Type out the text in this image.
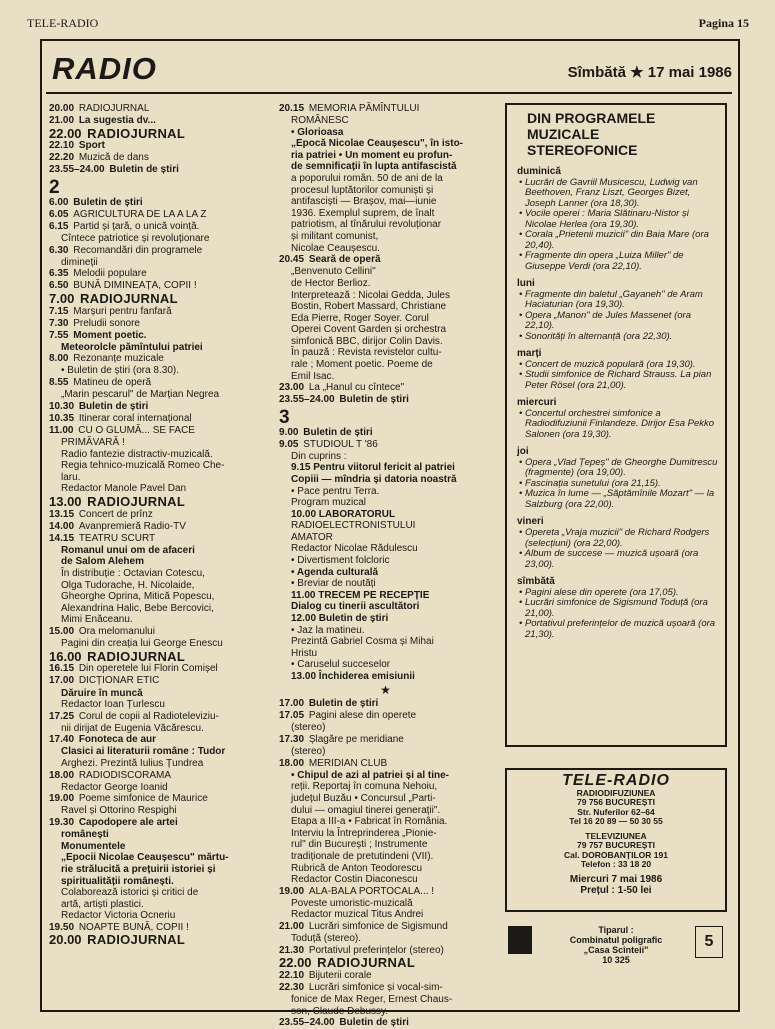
TELE-RADIO	Pagina 15
RADIO	Sîmbătă ★ 17 mai 1986
20.00 RADIOJURNAL
21.00 La sugestia dv...
22.00 RADIOJURNAL
22.10 Sport
22.20 Muzică de dans
23.55–24.00 Buletin de știri
2
6.00 Buletin de știri
6.05 AGRICULTURA DE LA A LA Z
6.15 Partid și țară, o unică voință.
Cîntece patriotice și revoluționare
6.30 Recomandări din programele
dimineții
6.35 Melodii populare
6.50 BUNĂ DIMINEAȚA, COPII !
7.00 RADIOJURNAL
7.15 Marșuri pentru fanfară
7.30 Preludii sonore
7.55 Moment poetic.
Meteorolcle pămîntului patriei
8.00 Rezonanțe muzicale
• Buletin de știri (ora 8.30).
8.55 Matineu de operă
„Marin pescarul" de Marțian Negrea
10.30 Buletin de știri
10.35 Itinerar coral internațional
11.00 CU O GLUMĂ... SE FACE
PRIMĂVARĂ !
Radio fantezie distractiv-muzicală.
Regia tehnico-muzicală Romeo Che-
laru.
Redactor Manole Pavel Dan
13.00 RADIOJURNAL
13.15 Concert de prînz
14.00 Avanpremieră Radio-TV
14.15 TEATRU SCURT
Romanul unui om de afaceri
de Salom Alehem
În distribuție : Octavian Cotescu,
Olga Tudorache, H. Nicolaide,
Gheorghe Oprina, Mitică Popescu,
Alexandrina Halic, Bebe Bercovici,
Mimi Enăceanu.
15.00 Ora melomanului
Pagini din creația lui George Enescu
16.00 RADIOJURNAL
16.15 Din operetele lui Florin Comișel
17.00 DICȚIONAR ETIC
Dăruire în muncă
Redactor Ioan Țurlescu
17.25 Corul de copii al Radioteleviziu-
nii dirijat de Eugenia Văcărescu.
17.40 Fonoteca de aur
Clasici ai literaturii române : Tudor
Arghezi. Prezintă Iulius Țundrea
18.00 RADIODISCORAMA
Redactor George Ioanid
19.00 Poeme simfonice de Maurice
Ravel și Ottorino Respighi
19.30 Capodopere ale artei
românești
Monumentele
„Epocii Nicolae Ceaușescu" mărtu-
rie strălucită a prețuirii istoriei și
spiritualității românești.
Colaborează istorici și critici de
artă, artiști plastici.
Redactor Victoria Ocneriu
19.50 NOAPTE BUNĂ, COPII !
20.00 RADIOJURNAL
20.15 MEMORIA PĂMÎNTULUI
ROMÂNESC
• Glorioasa
„Epocă Nicolae Ceaușescu", în isto-
ria patriei • Un moment eu profun-
de semnificații în lupta antifascistă
a poporului român. 50 de ani de la
procesul luptătorilor comuniști și
antifasciști — Brașov, mai—iunie
1936. Exemplul suprem, de înalt
patriotism, al tînărului revoluționar
și militant comunist,
Nicolae Ceaușescu.
20.45 Seară de operă
„Benvenuto Cellini"
de Hector Berlioz.
Interpretează : Nicolai Gedda, Jules
Bostin, Robert Massard, Christiane
Eda Pierre, Roger Soyer. Corul
Operei Covent Garden și orchestra
simfonică BBC, dirijor Colin Davis.
În pauză : Revista revistelor cultu-
rale ; Moment poetic. Poeme de
Emil Isac.
23.00 La „Hanul cu cîntece"
23.55–24.00 Buletin de știri
3
9.00 Buletin de știri
9.05 STUDIOUL T '86
Din cuprins :
9.15 Pentru viitorul fericit al patriei
Copiii — mîndria și datoria noastră
• Pace pentru Terra.
Program muzical
10.00 LABORATORUL
RADIOELECTRONISTULUI
AMATOR
Redactor Nicolae Rădulescu
• Divertisment folcloric
• Agenda culturală
• Breviar de noutăți
11.00 TRECEM PE RECEPȚIE
Dialog cu tinerii ascultători
12.00 Buletin de știri
• Jaz la matineu.
Prezintă Gabriel Cosma și Mihai
Hristu
• Caruselul succeselor
13.00 Închiderea emisiunii
★
17.00 Buletin de știri
17.05 Pagini alese din operete
(stereo)
17.30 Șlagăre pe meridiane
(stereo)
18.00 MERIDIAN CLUB
• Chipul de azi al patriei și al tine-
reții. Reportaj în comuna Nehoiu,
județul Buzău • Concursul „Parti-
dului — omagiul tinerei generații".
Etapa a III-a • Fabricat în România.
Interviu la Întreprinderea „Pionie-
rul" din București ; Instrumente
tradiționale de pretutindeni (VII).
Rubrică de Anton Teodorescu
Redactor Costin Diaconescu
19.00 ALA-BALA PORTOCALA... !
Poveste umoristic-muzicală
Redactor muzical Titus Andrei
21.00 Lucrări simfonice de Sigismund
Toduță (stereo).
21.30 Portativul preferințelor (stereo)
22.00 RADIOJURNAL
22.10 Bijuterii corale
22.30 Lucrări simfonice și vocal-sim-
fonice de Max Reger, Ernest Chaus-
son, Claude Debussy.
23.55–24.00 Buletin de știri
DIN PROGRAMELE
MUZICALE
STEREOFONICE
duminică
• Lucrări de Gavriil Musicescu, Ludwig van Beethoven, Franz Liszt, Georges Bizet, Joseph Lanner (ora 18,30).
• Vocile operei : Maria Slătinaru-Nistor și Nicolae Herlea (ora 19,30).
• Corala „Prietenii muzicii" din Baia Mare (ora 20,40).
• Fragmente din opera „Luiza Miller" de Giuseppe Verdi (ora 22,10).
luni
• Fragmente din baletul „Gayaneh" de Aram Haciaturian (ora 19,30).
• Opera „Manon" de Jules Massenet (ora 22,10).
• Sonorități în alternanță (ora 22,30).
marți
• Concert de muzică populară (ora 19,30).
• Studii simfonice de Richard Strauss. La pian Peter Rösel (ora 21,00).
miercuri
• Concertul orchestrei simfonice a Radiodifuziunii Finlandeze. Dirijor Esa Pekko Salonen (ora 19,30).
joi
• Opera „Vlad Țepeș" de Gheorghe Dumitrescu (fragmente) (ora 19,00).
• Fascinația sunetului (ora 21,15).
• Muzica în lume — „Săptămînile Mozart" — la Salzburg (ora 22,00).
vineri
• Opereta „Vraja muzicii" de Richard Rodgers (selecțiuni) (ora 22,00).
• Album de succese — muzică ușoară (ora 23,00).
sîmbătă
• Pagini alese din operete (ora 17,05).
• Lucrări simfonice de Sigismund Toduță (ora 21,00).
• Portativul preferințelor de muzică ușoară (ora 21,30).
TELE-RADIO
RADIODIFUZIUNEA
79 756 BUCUREȘTI
Str. Nuferilor 62–64
Tel 16 20 89 — 50 30 55
TELEVIZIUNEA
79 757 BUCUREȘTI
Cal. DOROBANȚILOR 191
Telefon : 33 18 20
Miercuri 7 mai 1986
Prețul : 1-50 lei
Tiparul :
Combinatul poligrafic
„Casa Scînteii"
10 325
5
